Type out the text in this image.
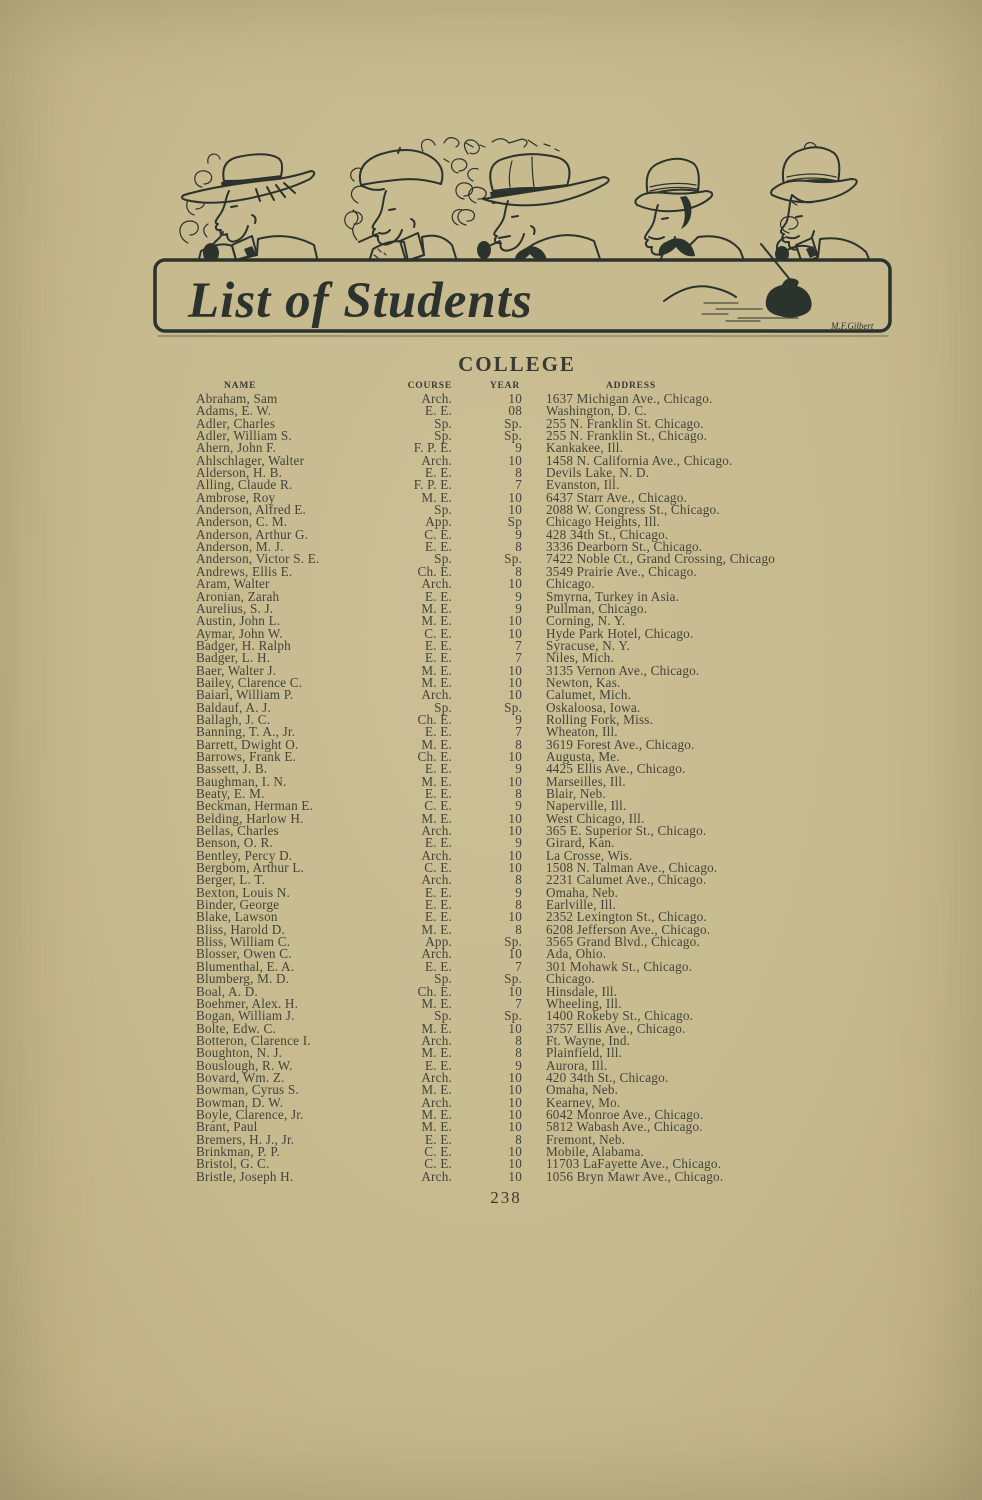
List of Students	M.F.Gilbert
COLLEGE
NAME	COURSE	YEAR	ADDRESS
Abraham, Sam	Arch.	10	1637 Michigan Ave., Chicago.
Adams, E. W.	E. E.	08	Washington, D. C.
Adler, Charles	Sp.	Sp.	255 N. Franklin St. Chicago.
Adler, William S.	Sp.	Sp.	255 N. Franklin St., Chicago.
Ahern, John F.	F. P. E.	9	Kankakee, Ill.
Ahlschlager, Walter	Arch.	10	1458 N. California Ave., Chicago.
Alderson, H. B.	E. E.	8	Devils Lake, N. D.
Alling, Claude R.	F. P. E.	7	Evanston, Ill.
Ambrose, Roy	M. E.	10	6437 Starr Ave., Chicago.
Anderson, Alfred E.	Sp.	10	2088 W. Congress St., Chicago.
Anderson, C. M.	App.	Sp	Chicago Heights, Ill.
Anderson, Arthur G.	C. E.	9	428 34th St., Chicago.
Anderson, M. J.	E. E.	8	3336 Dearborn St., Chicago.
Anderson, Victor S. E.	Sp.	Sp.	7422 Noble Ct., Grand Crossing, Chicago
Andrews, Ellis E.	Ch. E.	8	3549 Prairie Ave., Chicago.
Aram, Walter	Arch.	10	Chicago.
Aronian, Zarah	E. E.	9	Smyrna, Turkey in Asia.
Aurelius, S. J.	M. E.	9	Pullman, Chicago.
Austin, John L.	M. E.	10	Corning, N. Y.
Aymar, John W.	C. E.	10	Hyde Park Hotel, Chicago.
Badger, H. Ralph	E. E.	7	Syracuse, N. Y.
Badger, L. H.	E. E.	7	Niles, Mich.
Baer, Walter J.	M. E.	10	3135 Vernon Ave., Chicago.
Bailey, Clarence C.	M. E.	10	Newton, Kas.
Baiari, William P.	Arch.	10	Calumet, Mich.
Baldauf, A. J.	Sp.	Sp.	Oskaloosa, Iowa.
Ballagh, J. C.	Ch. E.	9	Rolling Fork, Miss.
Banning, T. A., Jr.	E. E.	7	Wheaton, Ill.
Barrett, Dwight O.	M. E.	8	3619 Forest Ave., Chicago.
Barrows, Frank E.	Ch. E.	10	Augusta, Me.
Bassett, J. B.	E. E.	9	4425 Ellis Ave., Chicago.
Baughman, I. N.	M. E.	10	Marseilles, Ill.
Beaty, E. M.	E. E.	8	Blair, Neb.
Beckman, Herman E.	C. E.	9	Naperville, Ill.
Belding, Harlow H.	M. E.	10	West Chicago, Ill.
Bellas, Charles	Arch.	10	365 E. Superior St., Chicago.
Benson, O. R.	E. E.	9	Girard, Kan.
Bentley, Percy D.	Arch.	10	La Crosse, Wis.
Bergbom, Arthur L.	C. E.	10	1508 N. Talman Ave., Chicago.
Berger, L. T.	Arch.	8	2231 Calumet Ave., Chicago.
Bexton, Louis N.	E. E.	9	Omaha, Neb.
Binder, George	E. E.	8	Earlville, Ill.
Blake, Lawson	E. E.	10	2352 Lexington St., Chicago.
Bliss, Harold D.	M. E.	8	6208 Jefferson Ave., Chicago.
Bliss, William C.	App.	Sp.	3565 Grand Blvd., Chicago.
Blosser, Owen C.	Arch.	10	Ada, Ohio.
Blumenthal, E. A.	E. E.	7	301 Mohawk St., Chicago.
Blumberg, M. D.	Sp.	Sp.	Chicago.
Boal, A. D.	Ch. E.	10	Hinsdale, Ill.
Boehmer, Alex. H.	M. E.	7	Wheeling, Ill.
Bogan, William J.	Sp.	Sp.	1400 Rokeby St., Chicago.
Bolte, Edw. C.	M. E.	10	3757 Ellis Ave., Chicago.
Botteron, Clarence I.	Arch.	8	Ft. Wayne, Ind.
Boughton, N. J.	M. E.	8	Plainfield, Ill.
Bouslough, R. W.	E. E.	9	Aurora, Ill.
Bovard, Wm. Z.	Arch.	10	420 34th St., Chicago.
Bowman, Cyrus S.	M. E.	10	Omaha, Neb.
Bowman, D. W.	Arch.	10	Kearney, Mo.
Boyle, Clarence, Jr.	M. E.	10	6042 Monroe Ave., Chicago.
Brant, Paul	M. E.	10	5812 Wabash Ave., Chicago.
Bremers, H. J., Jr.	E. E.	8	Fremont, Neb.
Brinkman, P. P.	C. E.	10	Mobile, Alabama.
Bristol, G. C.	C. E.	10	11703 LaFayette Ave., Chicago.
Bristle, Joseph H.	Arch.	10	1056 Bryn Mawr Ave., Chicago.
238
